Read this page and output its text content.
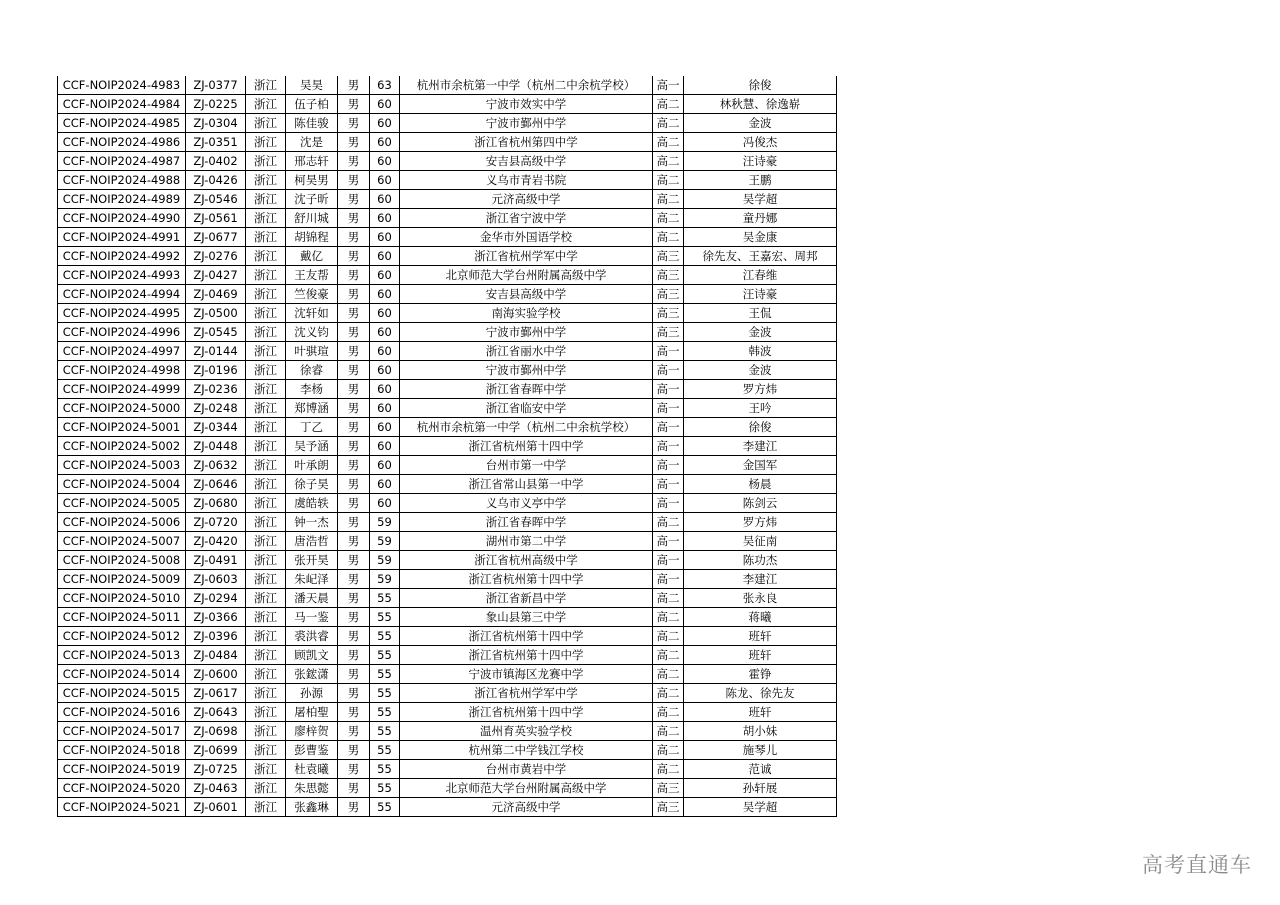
CCF-NOIP2024-4983	ZJ-0377	浙江	吴昊	男	63	杭州市余杭第一中学（杭州二中余杭学校）	高一	徐俊
CCF-NOIP2024-4984	ZJ-0225	浙江	伍子柏	男	60	宁波市效实中学	高二	林秋慧、徐逸崭
CCF-NOIP2024-4985	ZJ-0304	浙江	陈佳骏	男	60	宁波市鄞州中学	高二	金波
CCF-NOIP2024-4986	ZJ-0351	浙江	沈是	男	60	浙江省杭州第四中学	高二	冯俊杰
CCF-NOIP2024-4987	ZJ-0402	浙江	邢志轩	男	60	安吉县高级中学	高二	汪诗豪
CCF-NOIP2024-4988	ZJ-0426	浙江	柯昊男	男	60	义乌市青岩书院	高二	王鹏
CCF-NOIP2024-4989	ZJ-0546	浙江	沈子昕	男	60	元济高级中学	高二	吴学超
CCF-NOIP2024-4990	ZJ-0561	浙江	舒川城	男	60	浙江省宁波中学	高二	童丹娜
CCF-NOIP2024-4991	ZJ-0677	浙江	胡锦程	男	60	金华市外国语学校	高二	吴金康
CCF-NOIP2024-4992	ZJ-0276	浙江	戴亿	男	60	浙江省杭州学军中学	高三	徐先友、王嘉宏、周邦
CCF-NOIP2024-4993	ZJ-0427	浙江	王友帮	男	60	北京师范大学台州附属高级中学	高三	江春维
CCF-NOIP2024-4994	ZJ-0469	浙江	竺俊豪	男	60	安吉县高级中学	高三	汪诗豪
CCF-NOIP2024-4995	ZJ-0500	浙江	沈轩如	男	60	南海实验学校	高三	王侃
CCF-NOIP2024-4996	ZJ-0545	浙江	沈义钧	男	60	宁波市鄞州中学	高三	金波
CCF-NOIP2024-4997	ZJ-0144	浙江	叶骐瑄	男	60	浙江省丽水中学	高一	韩波
CCF-NOIP2024-4998	ZJ-0196	浙江	徐睿	男	60	宁波市鄞州中学	高一	金波
CCF-NOIP2024-4999	ZJ-0236	浙江	李杨	男	60	浙江省春晖中学	高一	罗方炜
CCF-NOIP2024-5000	ZJ-0248	浙江	郑博涵	男	60	浙江省临安中学	高一	王吟
CCF-NOIP2024-5001	ZJ-0344	浙江	丁乙	男	60	杭州市余杭第一中学（杭州二中余杭学校）	高一	徐俊
CCF-NOIP2024-5002	ZJ-0448	浙江	吴予涵	男	60	浙江省杭州第十四中学	高一	李建江
CCF-NOIP2024-5003	ZJ-0632	浙江	叶承朗	男	60	台州市第一中学	高一	金国军
CCF-NOIP2024-5004	ZJ-0646	浙江	徐子昊	男	60	浙江省常山县第一中学	高一	杨晨
CCF-NOIP2024-5005	ZJ-0680	浙江	虞皓轶	男	60	义乌市义亭中学	高一	陈剑云
CCF-NOIP2024-5006	ZJ-0720	浙江	钟一杰	男	59	浙江省春晖中学	高二	罗方炜
CCF-NOIP2024-5007	ZJ-0420	浙江	唐浩哲	男	59	湖州市第二中学	高一	吴征南
CCF-NOIP2024-5008	ZJ-0491	浙江	张开昊	男	59	浙江省杭州高级中学	高一	陈功杰
CCF-NOIP2024-5009	ZJ-0603	浙江	朱屺泽	男	59	浙江省杭州第十四中学	高一	李建江
CCF-NOIP2024-5010	ZJ-0294	浙江	潘天晨	男	55	浙江省新昌中学	高二	张永良
CCF-NOIP2024-5011	ZJ-0366	浙江	马一鉴	男	55	象山县第三中学	高二	蒋曦
CCF-NOIP2024-5012	ZJ-0396	浙江	裘洪睿	男	55	浙江省杭州第十四中学	高二	班轩
CCF-NOIP2024-5013	ZJ-0484	浙江	顾凯文	男	55	浙江省杭州第十四中学	高二	班轩
CCF-NOIP2024-5014	ZJ-0600	浙江	张鋐潇	男	55	宁波市镇海区龙赛中学	高二	霍铮
CCF-NOIP2024-5015	ZJ-0617	浙江	孙源	男	55	浙江省杭州学军中学	高二	陈龙、徐先友
CCF-NOIP2024-5016	ZJ-0643	浙江	屠柏聖	男	55	浙江省杭州第十四中学	高二	班轩
CCF-NOIP2024-5017	ZJ-0698	浙江	廖梓贺	男	55	温州育英实验学校	高二	胡小妹
CCF-NOIP2024-5018	ZJ-0699	浙江	彭曹鉴	男	55	杭州第二中学钱江学校	高二	施琴儿
CCF-NOIP2024-5019	ZJ-0725	浙江	杜袁曦	男	55	台州市黄岩中学	高二	范诚
CCF-NOIP2024-5020	ZJ-0463	浙江	朱思懿	男	55	北京师范大学台州附属高级中学	高三	孙轩展
CCF-NOIP2024-5021	ZJ-0601	浙江	张鑫琳	男	55	元济高级中学	高三	吴学超
高考直通车
